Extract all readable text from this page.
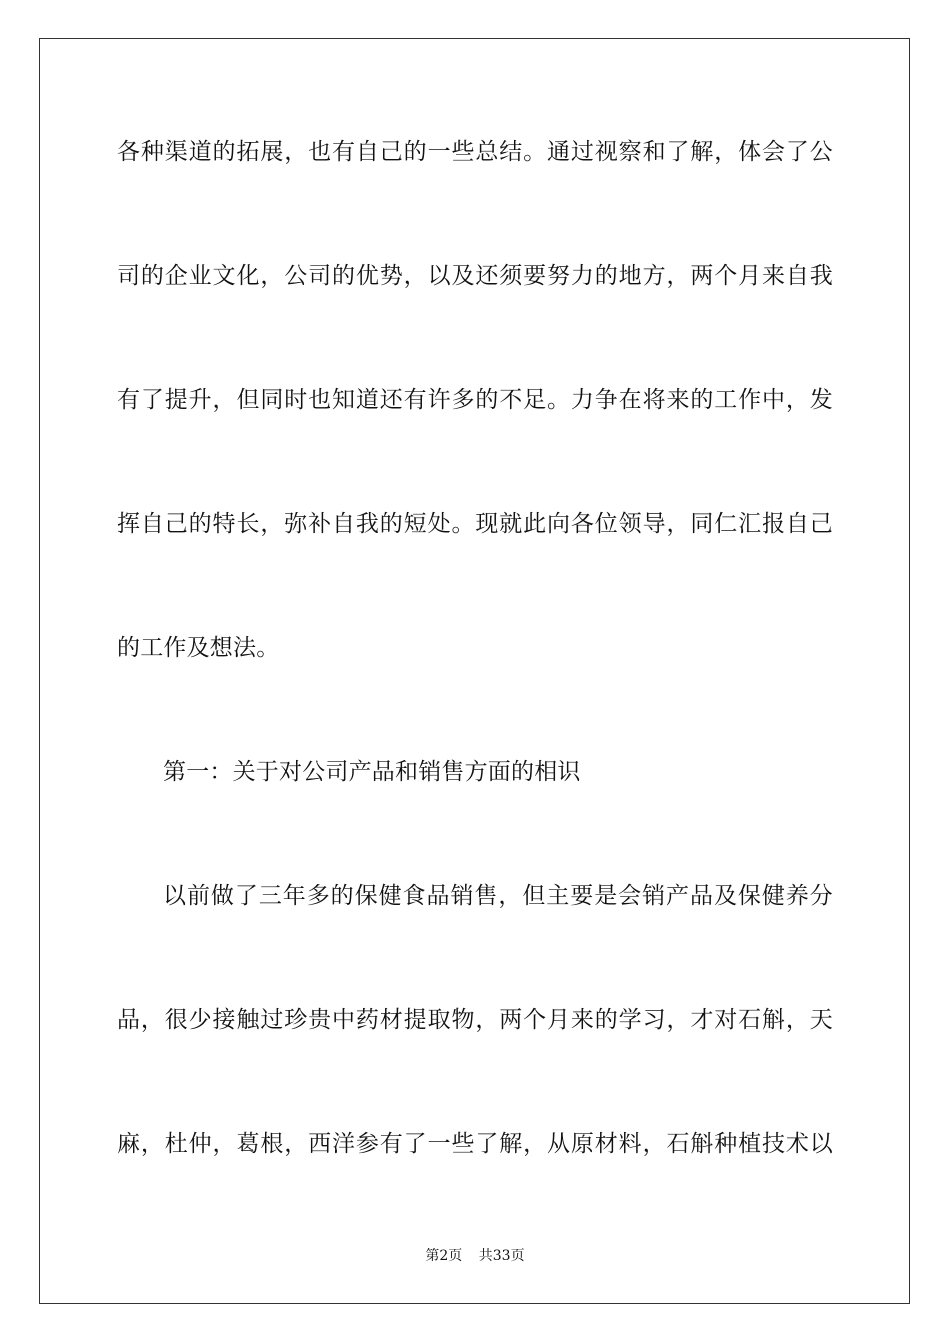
各种渠道的拓展，也有自己的一些总结。通过视察和了解，体会了公
司的企业文化，公司的优势，以及还须要努力的地方，两个月来自我
有了提升，但同时也知道还有许多的不足。力争在将来的工作中，发
挥自己的特长，弥补自我的短处。现就此向各位领导，同仁汇报自己
的工作及想法。
第一：关于对公司产品和销售方面的相识
以前做了三年多的保健食品销售，但主要是会销产品及保健养分
品，很少接触过珍贵中药材提取物，两个月来的学习，才对石斛，天
麻，杜仲，葛根，西洋参有了一些了解，从原材料，石斛种植技术以
第2页 共33页
